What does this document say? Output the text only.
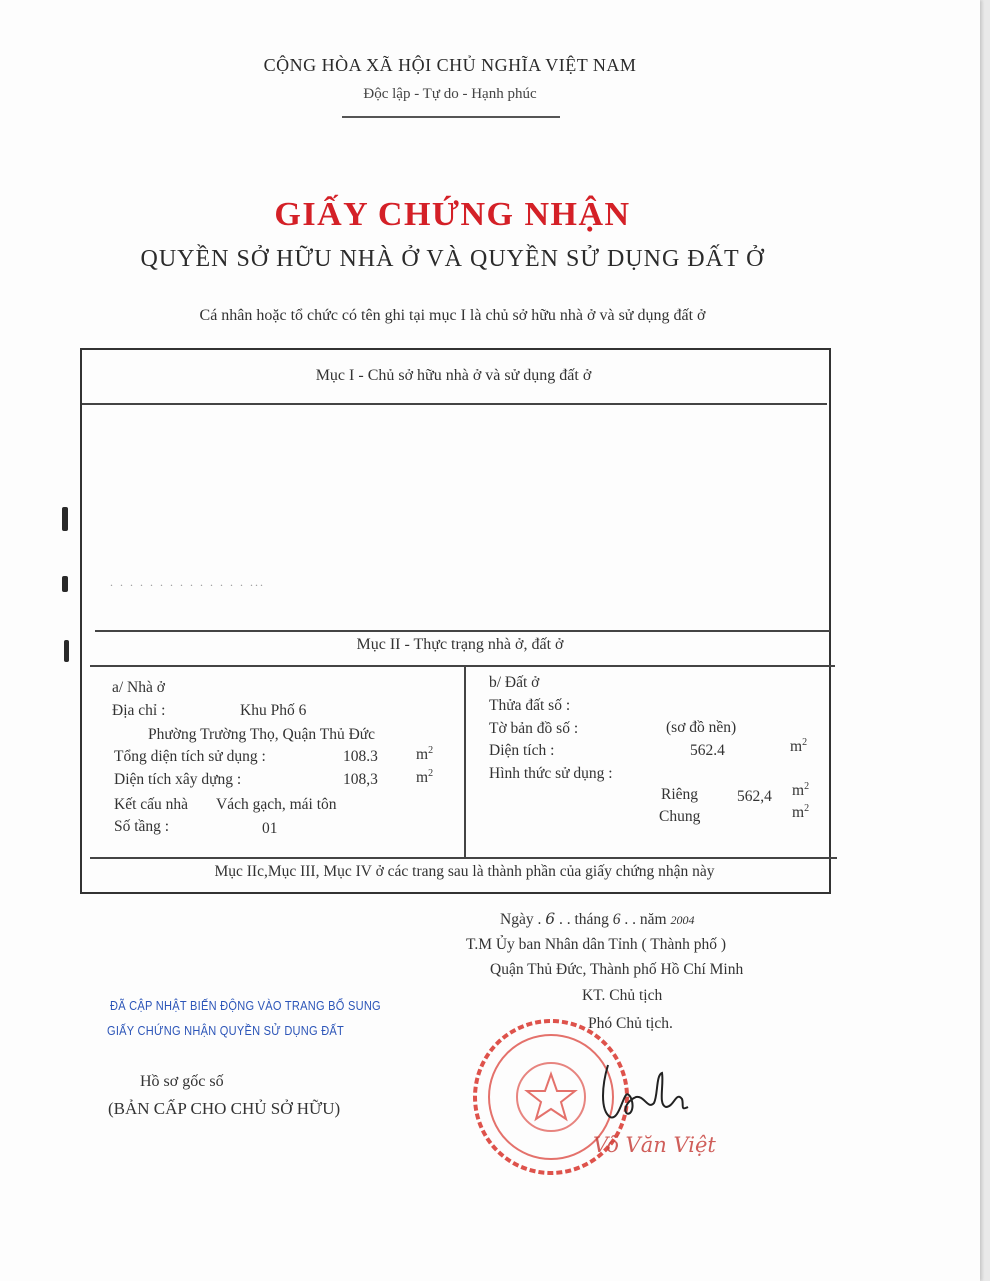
CỘNG HÒA XÃ HỘI CHỦ NGHĨA VIỆT NAM
Độc lập - Tự do - Hạnh phúc
GIẤY CHỨNG NHẬN
QUYỀN SỞ HỮU NHÀ Ở VÀ QUYỀN SỬ DỤNG ĐẤT Ở
Cá nhân hoặc tổ chức có tên ghi tại mục I là chủ sở hữu nhà ở và sử dụng đất ở
Mục I - Chủ sở hữu nhà ở và sử dụng đất ở
. . . . . . . . . . . . . . ...
Mục II - Thực trạng nhà ở, đất ở
a/ Nhà ở
Địa chỉ :	Khu Phố 6
Phường Trường Thọ, Quận Thủ Đức
Tổng diện tích sử dụng :	108.3 $m^2$
Diện tích xây dựng :	108,3 $m^2$
Kết cấu nhà Vách gạch, mái tôn
Số tầng :	01
b/ Đất ở
Thửa đất số :
Tờ bản đồ số :	(sơ đồ nền)
Diện tích :	562.4	$m^2$
Hình thức sử dụng :
Riêng	562,4 $m^2$
Chung	$m^2$
Mục IIc,Mục III, Mục IV ở các trang sau là thành phần của giấy chứng nhận này
Ngày . 6 . . tháng 6 . . năm 2004
T.M Ủy ban Nhân dân Tỉnh ( Thành phố )
Quận Thủ Đức, Thành phố Hồ Chí Minh
KT. Chủ tịch
Phó Chủ tịch.
Võ Văn Việt
ĐÃ CẬP NHẬT BIẾN ĐỘNG VÀO TRANG BỔ SUNG
GIẤY CHỨNG NHẬN QUYỀN SỬ DỤNG ĐẤT
Hồ sơ gốc số
(BẢN CẤP CHO CHỦ SỞ HỮU)
